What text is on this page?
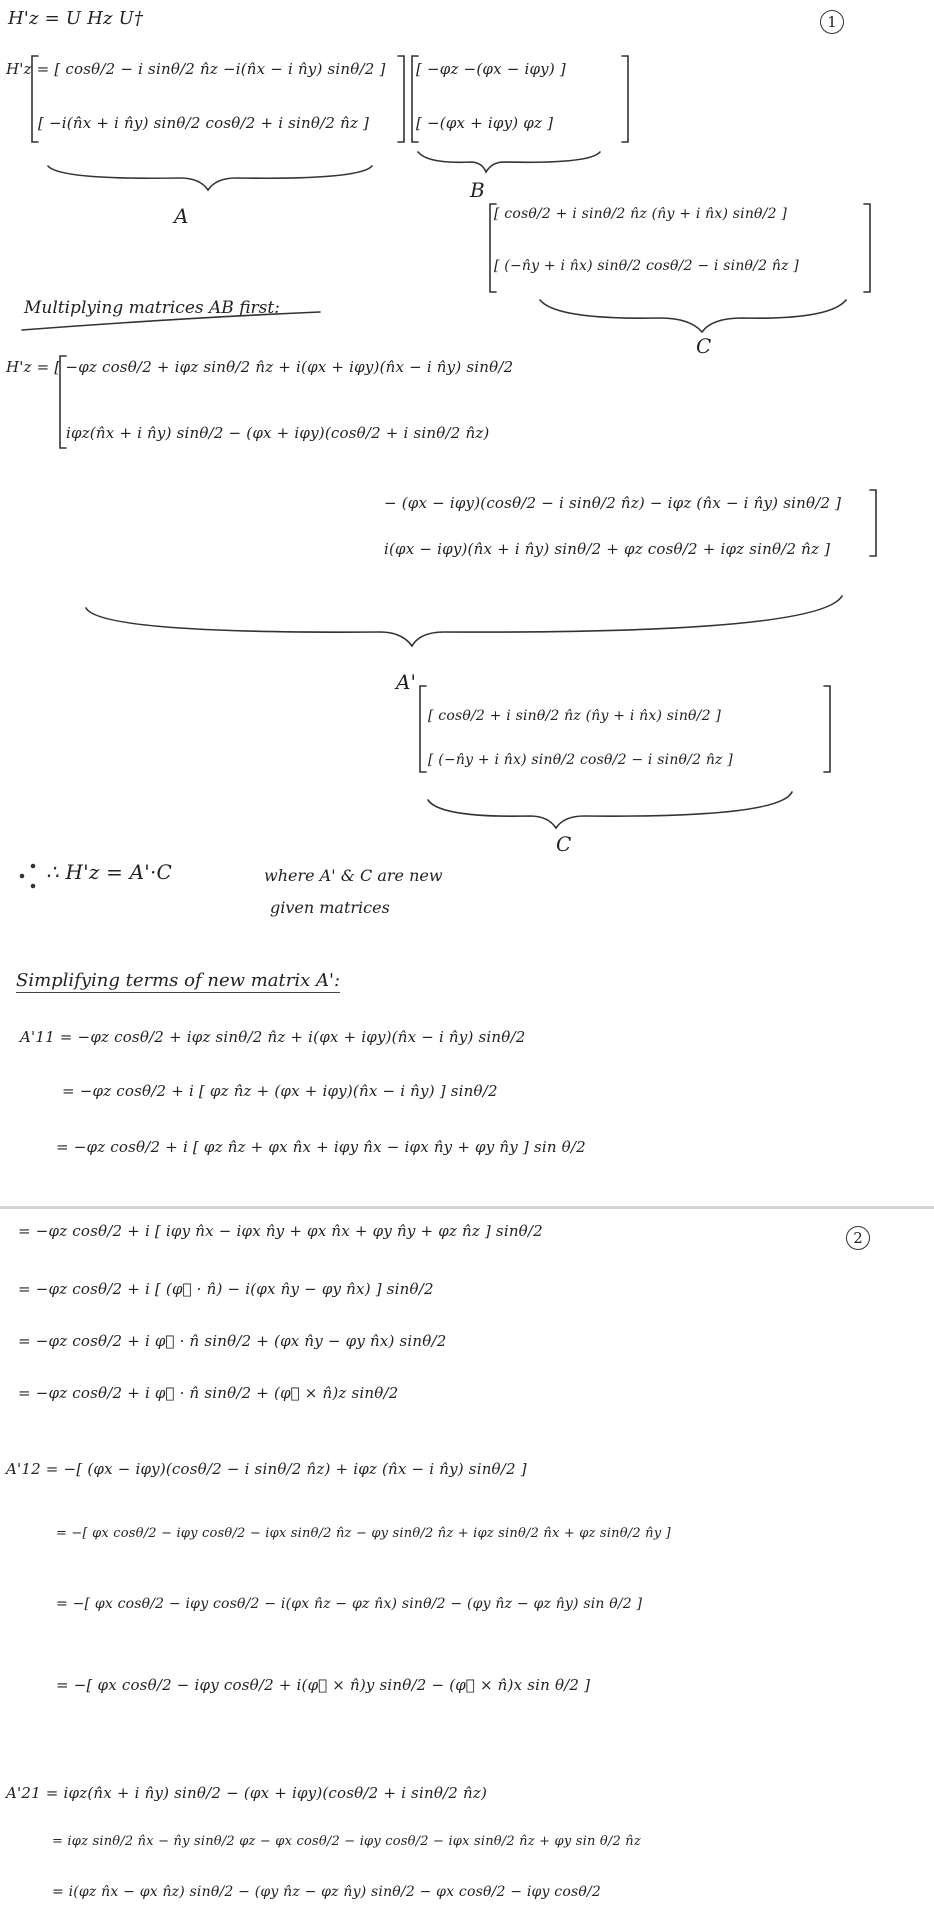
1
H'z = U Hz U†
H'z = [ cosθ/2 − i sinθ/2 n̂z −i(n̂x − i n̂y) sinθ/2 ]
[ −i(n̂x + i n̂y) sinθ/2 cosθ/2 + i sinθ/2 n̂z ]
[ −φz −(φx − iφy) ]
[ −(φx + iφy) φz ]
A
B
[ cosθ/2 + i sinθ/2 n̂z (n̂y + i n̂x) sinθ/2 ]
[ (−n̂y + i n̂x) sinθ/2 cosθ/2 − i sinθ/2 n̂z ]
C
Multiplying matrices AB first:
H'z = [ −φz cosθ/2 + iφz sinθ/2 n̂z + i(φx + iφy)(n̂x − i n̂y) sinθ/2
iφz(n̂x + i n̂y) sinθ/2 − (φx + iφy)(cosθ/2 + i sinθ/2 n̂z)
− (φx − iφy)(cosθ/2 − i sinθ/2 n̂z) − iφz (n̂x − i n̂y) sinθ/2 ]
i(φx − iφy)(n̂x + i n̂y) sinθ/2 + φz cosθ/2 + iφz sinθ/2 n̂z ]
A'
[ cosθ/2 + i sinθ/2 n̂z (n̂y + i n̂x) sinθ/2 ]
[ (−n̂y + i n̂x) sinθ/2 cosθ/2 − i sinθ/2 n̂z ]
C
∴ H'z = A'·C	where A' & C are new
given matrices
Simplifying terms of new matrix A':
A'11 = −φz cosθ/2 + iφz sinθ/2 n̂z + i(φx + iφy)(n̂x − i n̂y) sinθ/2
= −φz cosθ/2 + i [ φz n̂z + (φx + iφy)(n̂x − i n̂y) ] sinθ/2
= −φz cosθ/2 + i [ φz n̂z + φx n̂x + iφy n̂x − iφx n̂y + φy n̂y ] sin θ/2
2
= −φz cosθ/2 + i [ iφy n̂x − iφx n̂y + φx n̂x + φy n̂y + φz n̂z ] sinθ/2
= −φz cosθ/2 + i [ (φ⃗ · n̂) − i(φx n̂y − φy n̂x) ] sinθ/2
= −φz cosθ/2 + i φ⃗ · n̂ sinθ/2 + (φx n̂y − φy n̂x) sinθ/2
= −φz cosθ/2 + i φ⃗ · n̂ sinθ/2 + (φ⃗ × n̂)z sinθ/2
A'12 = −[ (φx − iφy)(cosθ/2 − i sinθ/2 n̂z) + iφz (n̂x − i n̂y) sinθ/2 ]
= −[ φx cosθ/2 − iφy cosθ/2 − iφx sinθ/2 n̂z − φy sinθ/2 n̂z + iφz sinθ/2 n̂x + φz sinθ/2 n̂y ]
= −[ φx cosθ/2 − iφy cosθ/2 − i(φx n̂z − φz n̂x) sinθ/2 − (φy n̂z − φz n̂y) sin θ/2 ]
= −[ φx cosθ/2 − iφy cosθ/2 + i(φ⃗ × n̂)y sinθ/2 − (φ⃗ × n̂)x sin θ/2 ]
A'21 = iφz(n̂x + i n̂y) sinθ/2 − (φx + iφy)(cosθ/2 + i sinθ/2 n̂z)
= iφz sinθ/2 n̂x − n̂y sinθ/2 φz − φx cosθ/2 − iφy cosθ/2 − iφx sinθ/2 n̂z + φy sin θ/2 n̂z
= i(φz n̂x − φx n̂z) sinθ/2 − (φy n̂z − φz n̂y) sinθ/2 − φx cosθ/2 − iφy cosθ/2
